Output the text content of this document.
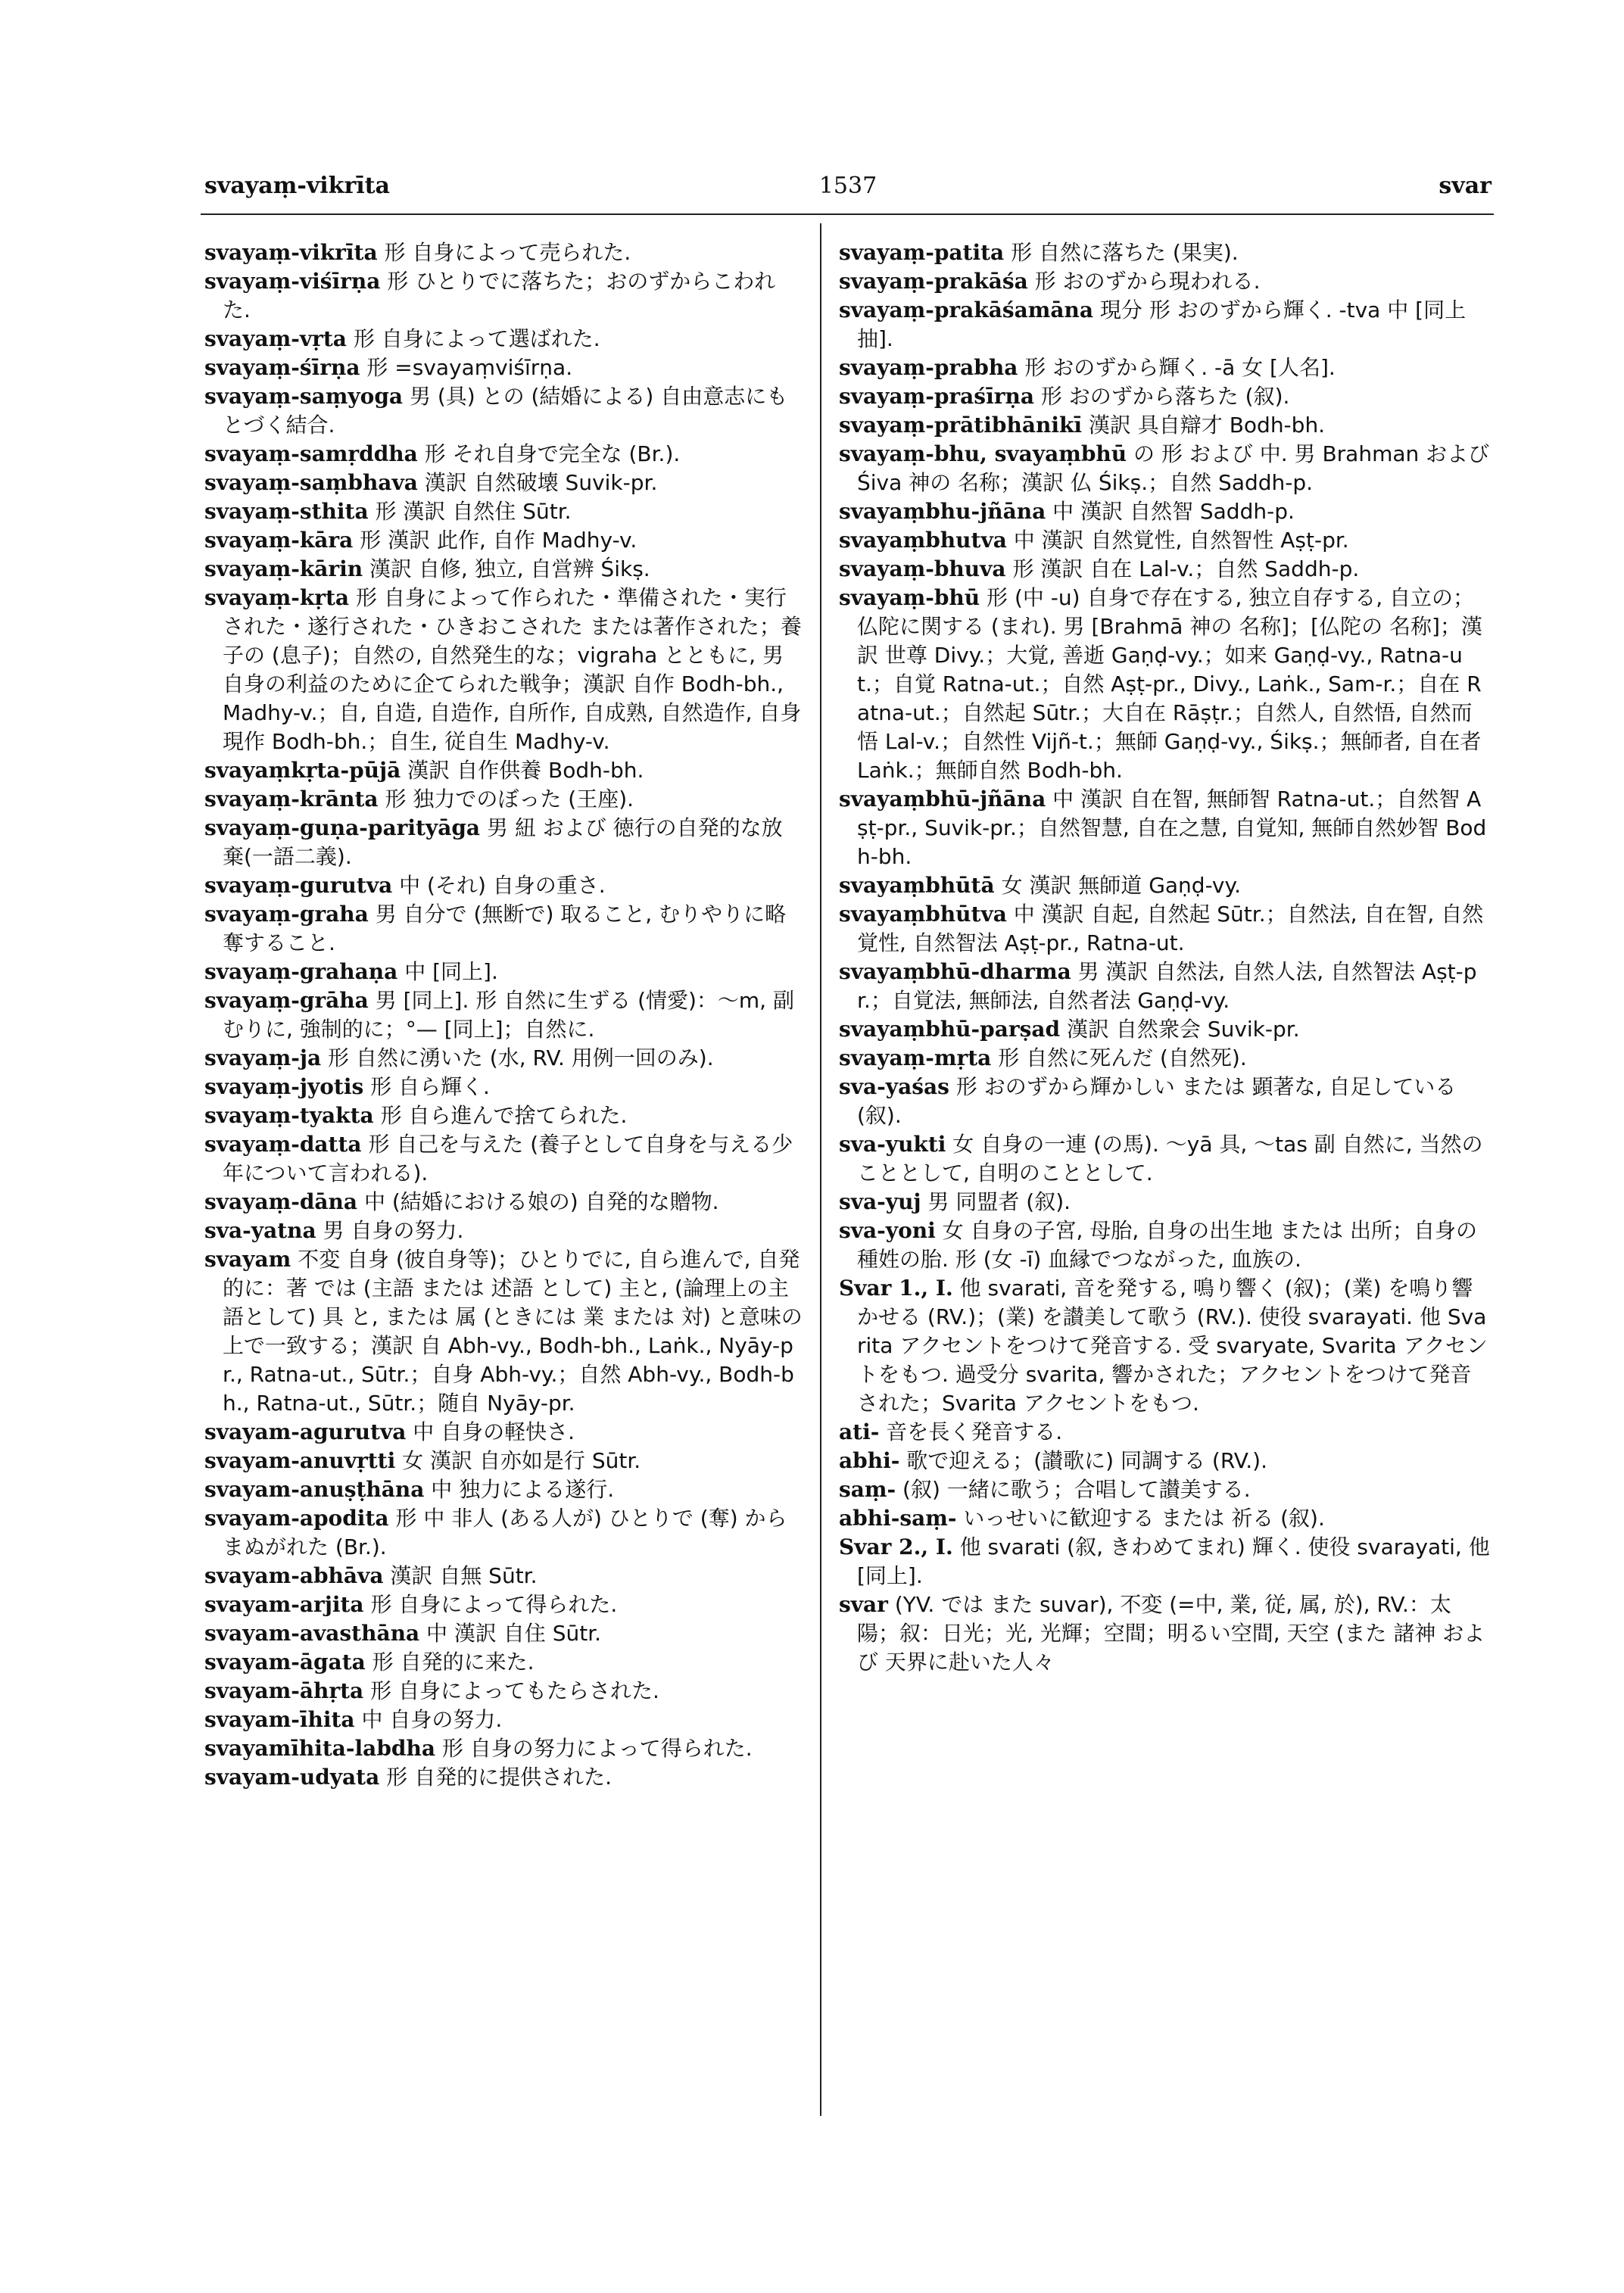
svayaṃ-vikrīta	1537	svar

svayaṃ-vikrīta 形 自身によって売られた.

svayaṃ-viśīrṇa 形 ひとりでに落ちた；おのずからこわれた.

svayaṃ-vṛta 形 自身によって選ばれた.

svayaṃ-śīrṇa 形 =svayaṃviśīrṇa.

svayaṃ-saṃyoga 男 (具) との (結婚による) 自由意志にもとづく結合.

svayaṃ-samṛddha 形 それ自身で完全な (Br.).

svayaṃ-saṃbhava 漢訳 自然破壊 Suvik-pr.

svayaṃ-sthita 形 漢訳 自然住 Sūtr.

svayaṃ-kāra 形 漢訳 此作, 自作 Madhy-v.

svayaṃ-kārin 漢訳 自修, 独立, 自営辨 Śikṣ.

svayaṃ-kṛta 形 自身によって作られた・準備された・実行された・遂行された・ひきおこされた または著作された；養子の (息子)；自然の, 自然発生的な；vigraha とともに, 男 自身の利益のために企てられた戦争；漢訳 自作 Bodh-bh., Madhy-v.；自, 自造, 自造作, 自所作, 自成熟, 自然造作, 自身現作 Bodh-bh.；自生, 従自生 Madhy-v.

svayaṃkṛta-pūjā 漢訳 自作供養 Bodh-bh.

svayaṃ-krānta 形 独力でのぼった (王座).

svayaṃ-guṇa-parityāga 男 紐 および 徳行の自発的な放棄(一語二義).

svayaṃ-gurutva 中 (それ) 自身の重さ.

svayaṃ-graha 男 自分で (無断で) 取ること, むりやりに略奪すること.

svayaṃ-grahaṇa 中 [同上].

svayaṃ-grāha 男 [同上]. 形 自然に生ずる (情愛)：～m, 副 むりに, 強制的に；°— [同上]；自然に.

svayaṃ-ja 形 自然に湧いた (水, RV. 用例一回のみ).

svayaṃ-jyotis 形 自ら輝く.

svayaṃ-tyakta 形 自ら進んで捨てられた.

svayaṃ-datta 形 自己を与えた (養子として自身を与える少年について言われる).

svayaṃ-dāna 中 (結婚における娘の) 自発的な贈物.

sva-yatna 男 自身の努力.

svayam 不変 自身 (彼自身等)；ひとりでに, 自ら進んで, 自発的に：著 では (主語 または 述語 として) 主と, (論理上の主語として) 具 と, または 属 (ときには 業 または 対) と意味の上で一致する；漢訳 自 Abh-vy., Bodh-bh., Laṅk., Nyāy-pr., Ratna-ut., Sūtr.；自身 Abh-vy.；自然 Abh-vy., Bodh-bh., Ratna-ut., Sūtr.；随自 Nyāy-pr.

svayam-agurutva 中 自身の軽快さ.

svayam-anuvṛtti 女 漢訳 自亦如是行 Sūtr.

svayam-anuṣṭhāna 中 独力による遂行.

svayam-apodita 形 中 非人 (ある人が) ひとりで (奪) からまぬがれた (Br.).

svayam-abhāva 漢訳 自無 Sūtr.

svayam-arjita 形 自身によって得られた.

svayam-avasthāna 中 漢訳 自住 Sūtr.

svayam-āgata 形 自発的に来た.

svayam-āhṛta 形 自身によってもたらされた.

svayam-īhita 中 自身の努力.

svayamīhita-labdha 形 自身の努力によって得られた.

svayam-udyata 形 自発的に提供された.

svayaṃ-patita 形 自然に落ちた (果実).

svayaṃ-prakāśa 形 おのずから現われる.

svayaṃ-prakāśamāna 現分 形 おのずから輝く. -tva 中 [同上 抽].

svayaṃ-prabha 形 おのずから輝く. -ā 女 [人名].

svayaṃ-praśīrṇa 形 おのずから落ちた (叙).

svayaṃ-prātibhānikī 漢訳 具自辯才 Bodh-bh.

svayaṃ-bhu, svayaṃbhū の 形 および 中. 男 Brahman および Śiva 神の 名称；漢訳 仏 Śikṣ.；自然 Saddh-p.

svayaṃbhu-jñāna 中 漢訳 自然智 Saddh-p.

svayaṃbhutva 中 漢訳 自然覚性, 自然智性 Aṣṭ-pr.

svayaṃ-bhuva 形 漢訳 自在 Lal-v.；自然 Saddh-p.

svayaṃ-bhū 形 (中 -u) 自身で存在する, 独立自存する, 自立の；仏陀に関する (まれ). 男 [Brahmā 神の 名称]；[仏陀の 名称]；漢訳 世尊 Divy.；大覚, 善逝 Gaṇḍ-vy.；如来 Gaṇḍ-vy., Ratna-ut.；自覚 Ratna-ut.；自然 Aṣṭ-pr., Divy., Laṅk., Sam-r.；自在 Ratna-ut.；自然起 Sūtr.；大自在 Rāṣṭr.；自然人, 自然悟, 自然而悟 Lal-v.；自然性 Vijñ-t.；無師 Gaṇḍ-vy., Śikṣ.；無師者, 自在者 Laṅk.；無師自然 Bodh-bh.

svayaṃbhū-jñāna 中 漢訳 自在智, 無師智 Ratna-ut.；自然智 Aṣṭ-pr., Suvik-pr.；自然智慧, 自在之慧, 自覚知, 無師自然妙智 Bodh-bh.

svayaṃbhūtā 女 漢訳 無師道 Gaṇḍ-vy.

svayaṃbhūtva 中 漢訳 自起, 自然起 Sūtr.；自然法, 自在智, 自然覚性, 自然智法 Aṣṭ-pr., Ratna-ut.

svayaṃbhū-dharma 男 漢訳 自然法, 自然人法, 自然智法 Aṣṭ-pr.；自覚法, 無師法, 自然者法 Gaṇḍ-vy.

svayaṃbhū-parṣad 漢訳 自然衆会 Suvik-pr.

svayaṃ-mṛta 形 自然に死んだ (自然死).

sva-yaśas 形 おのずから輝かしい または 顕著な, 自足している (叙).

sva-yukti 女 自身の一連 (の馬). ～yā 具, ～tas 副 自然に, 当然のこととして, 自明のこととして.

sva-yuj 男 同盟者 (叙).

sva-yoni 女 自身の子宮, 母胎, 自身の出生地 または 出所；自身の種姓の胎. 形 (女 -ī) 血縁でつながった, 血族の.

Svar 1., I. 他 svarati, 音を発する, 鳴り響く (叙)；(業) を鳴り響かせる (RV.)；(業) を讃美して歌う (RV.). 使役 svarayati. 他 Svarita アクセントをつけて発音する. 受 svaryate, Svarita アクセントをもつ. 過受分 svarita, 響かされた；アクセントをつけて発音された；Svarita アクセントをもつ.

ati- 音を長く発音する.

abhi- 歌で迎える；(讃歌に) 同調する (RV.).

saṃ- (叙) 一緒に歌う；合唱して讃美する.

abhi-saṃ- いっせいに歓迎する または 祈る (叙).

Svar 2., I. 他 svarati (叙, きわめてまれ) 輝く. 使役 svarayati, 他 [同上].

svar (YV. では また suvar), 不変 (=中, 業, 従, 属, 於), RV.：太陽；叙：日光；光, 光輝；空間；明るい空間, 天空 (また 諸神 および 天界に赴いた人々
